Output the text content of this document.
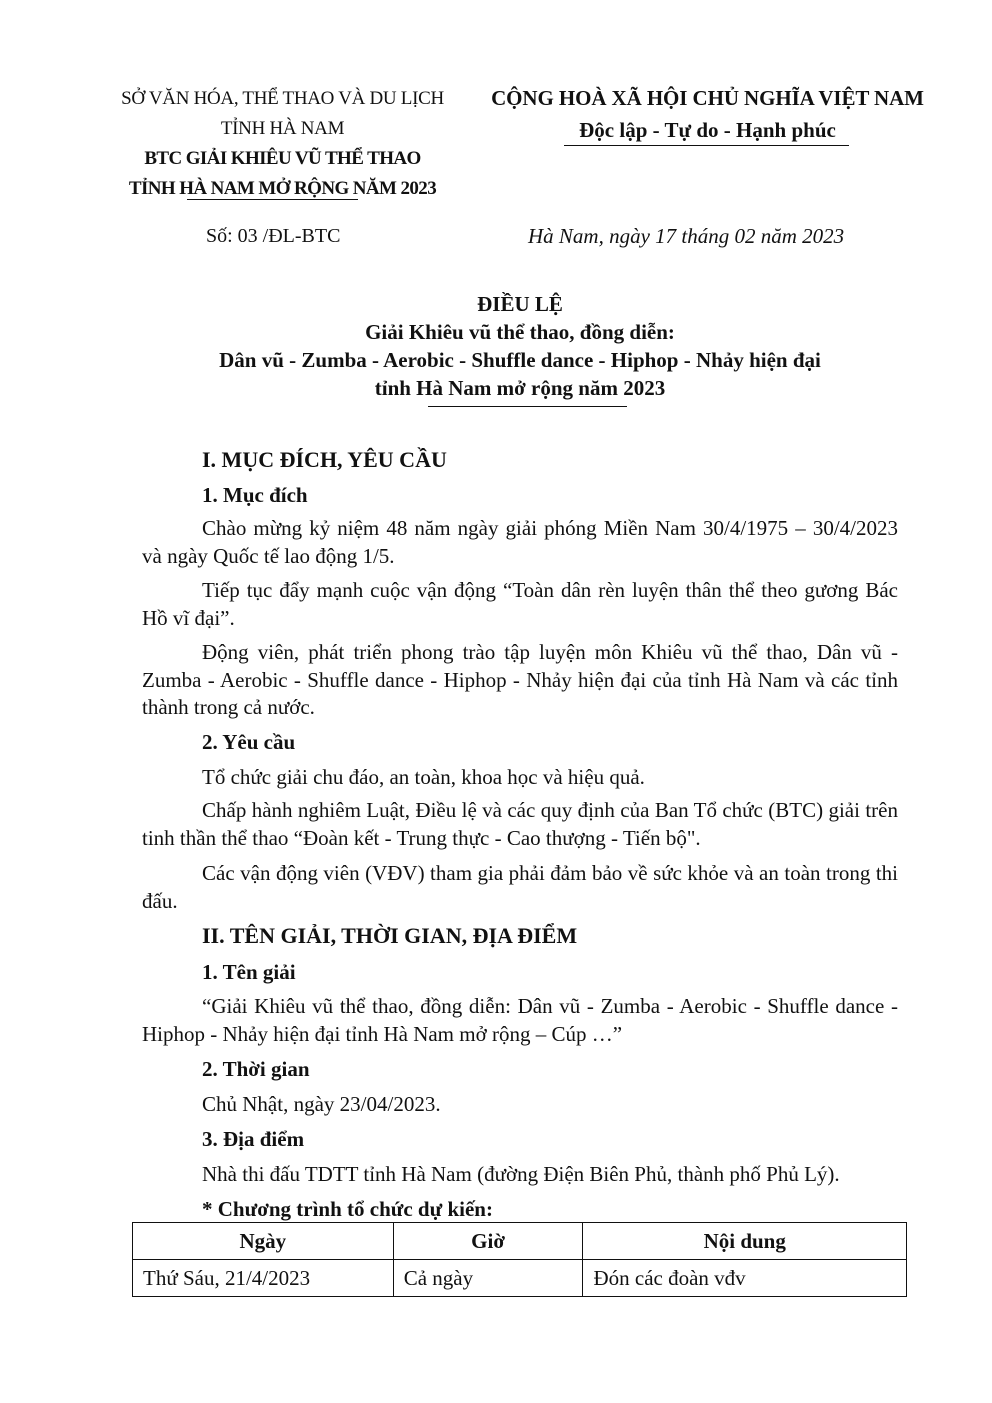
SỞ VĂN HÓA, THỂ THAO VÀ DU LỊCH
TỈNH HÀ NAM
BTC GIẢI KHIÊU VŨ THỂ THAO
TỈNH HÀ NAM MỞ RỘNG NĂM 2023
CỘNG HOÀ XÃ HỘI CHỦ NGHĨA VIỆT NAM
Độc lập - Tự do - Hạnh phúc
Số: 03 /ĐL-BTC	Hà Nam, ngày 17 tháng 02 năm 2023
ĐIỀU LỆ
Giải Khiêu vũ thể thao, đồng diễn:
Dân vũ - Zumba - Aerobic - Shuffle dance - Hiphop - Nhảy hiện đại
tỉnh Hà Nam mở rộng năm 2023
I. MỤC ĐÍCH, YÊU CẦU
1. Mục đích
Chào mừng kỷ niệm 48 năm ngày giải phóng Miền Nam 30/4/1975 – 30/4/2023 và ngày Quốc tế lao động 1/5.
Tiếp tục đẩy mạnh cuộc vận động “Toàn dân rèn luyện thân thể theo gương Bác Hồ vĩ đại”.
Động viên, phát triển phong trào tập luyện môn Khiêu vũ thể thao, Dân vũ - Zumba - Aerobic - Shuffle dance - Hiphop - Nhảy hiện đại của tỉnh Hà Nam và các tỉnh thành trong cả nước.
2. Yêu cầu
Tổ chức giải chu đáo, an toàn, khoa học và hiệu quả.
Chấp hành nghiêm Luật, Điều lệ và các quy định của Ban Tổ chức (BTC) giải trên tinh thần thể thao “Đoàn kết - Trung thực - Cao thượng - Tiến bộ".
Các vận động viên (VĐV) tham gia phải đảm bảo về sức khỏe và an toàn trong thi đấu.
II. TÊN GIẢI, THỜI GIAN, ĐỊA ĐIỂM
1. Tên giải
“Giải Khiêu vũ thể thao, đồng diễn: Dân vũ - Zumba - Aerobic - Shuffle dance - Hiphop - Nhảy hiện đại tỉnh Hà Nam mở rộng – Cúp …”
2. Thời gian
Chủ Nhật, ngày 23/04/2023.
3. Địa điểm
Nhà thi đấu TDTT tỉnh Hà Nam (đường Điện Biên Phủ, thành phố Phủ Lý).
* Chương trình tổ chức dự kiến:
Ngày	Giờ	Nội dung
Thứ Sáu, 21/4/2023	Cả ngày	Đón các đoàn vđv
